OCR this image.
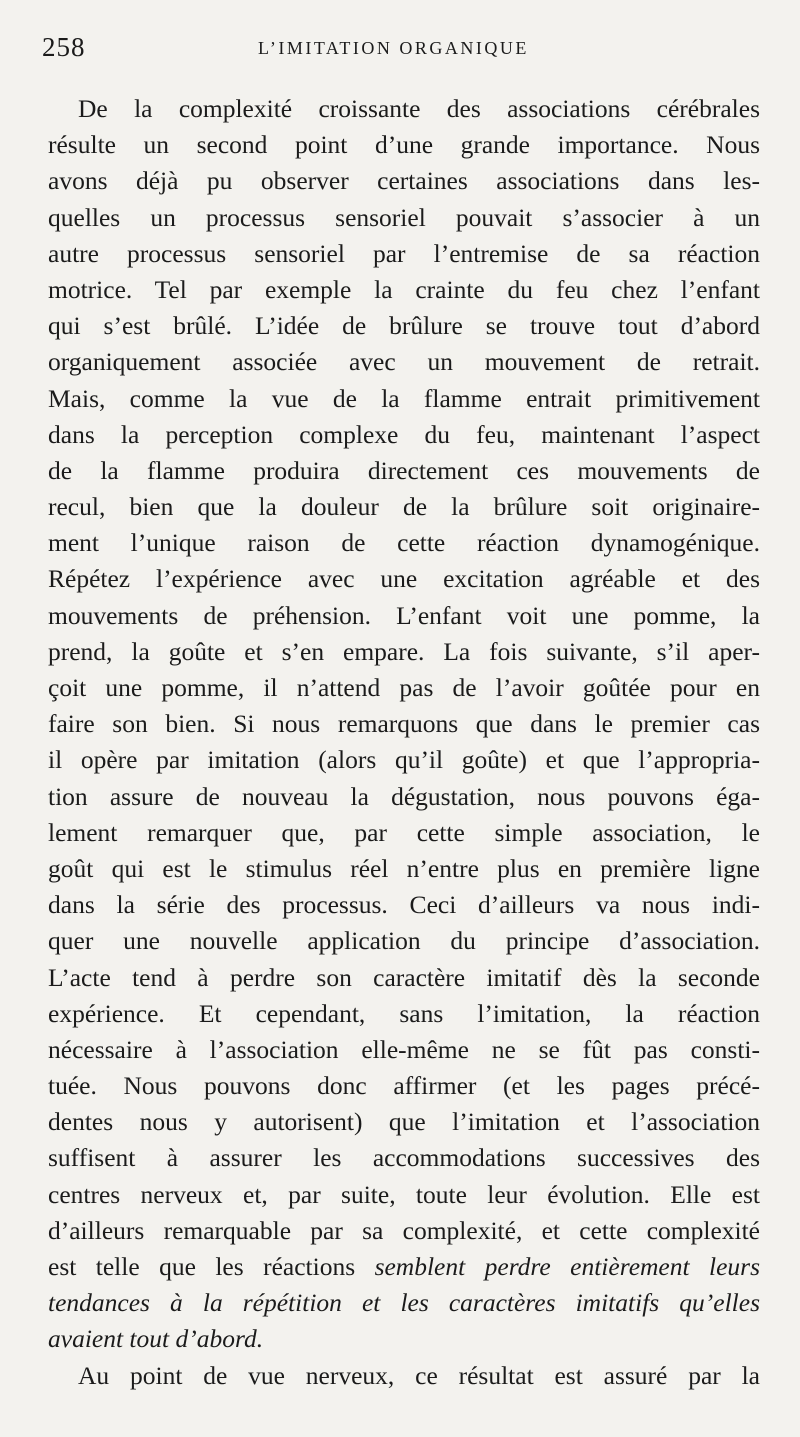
258	L’IMITATION ORGANIQUE
De la complexité croissante des associations cérébrales
résulte un second point d’une grande importance. Nous
avons déjà pu observer certaines associations dans les-
quelles un processus sensoriel pouvait s’associer à un
autre processus sensoriel par l’entremise de sa réaction
motrice. Tel par exemple la crainte du feu chez l’enfant
qui s’est brûlé. L’idée de brûlure se trouve tout d’abord
organiquement associée avec un mouvement de retrait.
Mais, comme la vue de la flamme entrait primitivement
dans la perception complexe du feu, maintenant l’aspect
de la flamme produira directement ces mouvements de
recul, bien que la douleur de la brûlure soit originaire-
ment l’unique raison de cette réaction dynamogénique.
Répétez l’expérience avec une excitation agréable et des
mouvements de préhension. L’enfant voit une pomme, la
prend, la goûte et s’en empare. La fois suivante, s’il aper-
çoit une pomme, il n’attend pas de l’avoir goûtée pour en
faire son bien. Si nous remarquons que dans le premier cas
il opère par imitation (alors qu’il goûte) et que l’appropria-
tion assure de nouveau la dégustation, nous pouvons éga-
lement remarquer que, par cette simple association, le
goût qui est le stimulus réel n’entre plus en première ligne
dans la série des processus. Ceci d’ailleurs va nous indi-
quer une nouvelle application du principe d’association.
L’acte tend à perdre son caractère imitatif dès la seconde
expérience. Et cependant, sans l’imitation, la réaction
nécessaire à l’association elle-même ne se fût pas consti-
tuée. Nous pouvons donc affirmer (et les pages précé-
dentes nous y autorisent) que l’imitation et l’association
suffisent à assurer les accommodations successives des
centres nerveux et, par suite, toute leur évolution. Elle est
d’ailleurs remarquable par sa complexité, et cette complexité
est telle que les réactions semblent perdre entièrement leurs
tendances à la répétition et les caractères imitatifs qu’elles
avaient tout d’abord.
Au point de vue nerveux, ce résultat est assuré par la
